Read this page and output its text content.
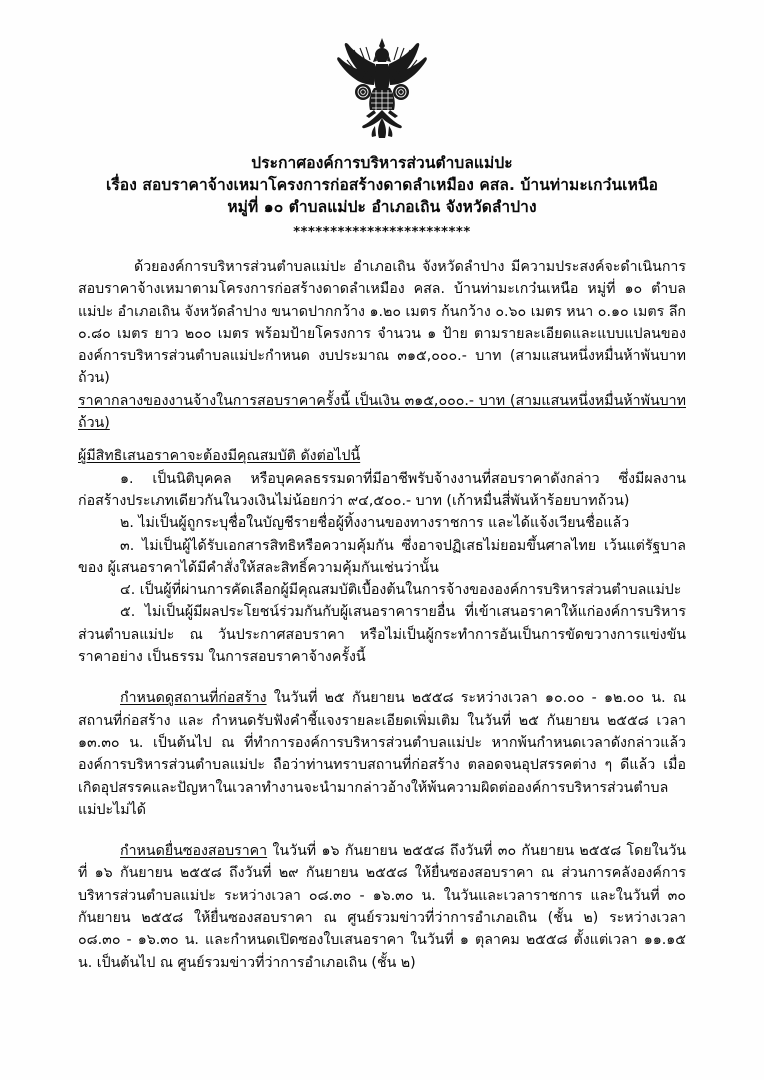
ประกาศองค์การบริหารส่วนตำบลแม่ปะ
เรื่อง สอบราคาจ้างเหมาโครงการก่อสร้างดาดลำเหมือง คสล. บ้านท่ามะเกว๋นเหนือ
หมู่ที่ ๑๐ ตำบลแม่ปะ อำเภอเถิน จังหวัดลำปาง
************************

ด้วยองค์การบริหารส่วนตำบลแม่ปะ อำเภอเถิน จังหวัดลำปาง มีความประสงค์จะดำเนินการสอบราคาจ้างเหมาตามโครงการก่อสร้างดาดลำเหมือง คสล. บ้านท่ามะเกว๋นเหนือ หมู่ที่ ๑๐ ตำบลแม่ปะ อำเภอเถิน จังหวัดลำปาง ขนาดปากกว้าง ๑.๒๐ เมตร ก้นกว้าง ๐.๖๐ เมตร หนา ๐.๑๐ เมตร ลึก ๐.๘๐ เมตร ยาว ๒๐๐ เมตร พร้อมป้ายโครงการ จำนวน ๑ ป้าย ตามรายละเอียดและแบบแปลนขององค์การบริหารส่วนตำบลแม่ปะกำหนด งบประมาณ ๓๑๕,๐๐๐.- บาท (สามแสนหนึ่งหมื่นห้าพันบาทถ้วน)

ราคากลางของงานจ้างในการสอบราคาครั้งนี้ เป็นเงิน ๓๑๕,๐๐๐.- บาท (สามแสนหนึ่งหมื่นห้าพันบาทถ้วน)

ผู้มีสิทธิเสนอราคาจะต้องมีคุณสมบัติ ดังต่อไปนี้

๑. เป็นนิติบุคคล หรือบุคคลธรรมดาที่มีอาชีพรับจ้างงานที่สอบราคาดังกล่าว ซึ่งมีผลงานก่อสร้างประเภทเดียวกันในวงเงินไม่น้อยกว่า ๙๔,๕๐๐.- บาท (เก้าหมื่นสี่พันห้าร้อยบาทถ้วน)

๒. ไม่เป็นผู้ถูกระบุชื่อในบัญชีรายชื่อผู้ทิ้งงานของทางราชการ และได้แจ้งเวียนชื่อแล้ว

๓. ไม่เป็นผู้ได้รับเอกสารสิทธิหรือความคุ้มกัน ซึ่งอาจปฏิเสธไม่ยอมขึ้นศาลไทย เว้นแต่รัฐบาลของ ผู้เสนอราคาได้มีคำสั่งให้สละสิทธิ์ความคุ้มกันเช่นว่านั้น

๔. เป็นผู้ที่ผ่านการคัดเลือกผู้มีคุณสมบัติเบื้องต้นในการจ้างขององค์การบริหารส่วนตำบลแม่ปะ

๕. ไม่เป็นผู้มีผลประโยชน์ร่วมกันกับผู้เสนอราคารายอื่น ที่เข้าเสนอราคาให้แก่องค์การบริหารส่วนตำบลแม่ปะ ณ วันประกาศสอบราคา หรือไม่เป็นผู้กระทำการอันเป็นการขัดขวางการแข่งขันราคาอย่าง เป็นธรรม ในการสอบราคาจ้างครั้งนี้

กำหนดดูสถานที่ก่อสร้าง ในวันที่ ๒๕ กันยายน ๒๕๕๘ ระหว่างเวลา ๑๐.๐๐ - ๑๒.๐๐ น. ณ สถานที่ก่อสร้าง และ กำหนดรับฟังคำชี้แจงรายละเอียดเพิ่มเติม ในวันที่ ๒๕ กันยายน ๒๕๕๘ เวลา ๑๓.๓๐ น. เป็นต้นไป ณ ที่ทำการองค์การบริหารส่วนตำบลแม่ปะ หากพ้นกำหนดเวลาดังกล่าวแล้ว องค์การบริหารส่วนตำบลแม่ปะ ถือว่าท่านทราบสถานที่ก่อสร้าง ตลอดจนอุปสรรคต่าง ๆ ดีแล้ว เมื่อเกิดอุปสรรคและปัญหาในเวลาทำงานจะนำมากล่าวอ้างให้พ้นความผิดต่อองค์การบริหารส่วนตำบลแม่ปะไม่ได้

กำหนดยื่นซองสอบราคา ในวันที่ ๑๖ กันยายน ๒๕๕๘ ถึงวันที่ ๓๐ กันยายน ๒๕๕๘ โดยในวันที่ ๑๖ กันยายน ๒๕๕๘ ถึงวันที่ ๒๙ กันยายน ๒๕๕๘ ให้ยื่นซองสอบราคา ณ ส่วนการคลังองค์การบริหารส่วนตำบลแม่ปะ ระหว่างเวลา ๐๘.๓๐ - ๑๖.๓๐ น. ในวันและเวลาราชการ และในวันที่ ๓๐ กันยายน ๒๕๕๘ ให้ยื่นซองสอบราคา ณ ศูนย์รวมข่าวที่ว่าการอำเภอเถิน (ชั้น ๒) ระหว่างเวลา ๐๘.๓๐ - ๑๖.๓๐ น. และกำหนดเปิดซองใบเสนอราคา ในวันที่ ๑ ตุลาคม ๒๕๕๘ ตั้งแต่เวลา ๑๑.๑๕ น. เป็นต้นไป ณ ศูนย์รวมข่าวที่ว่าการอำเภอเถิน (ชั้น ๒)
